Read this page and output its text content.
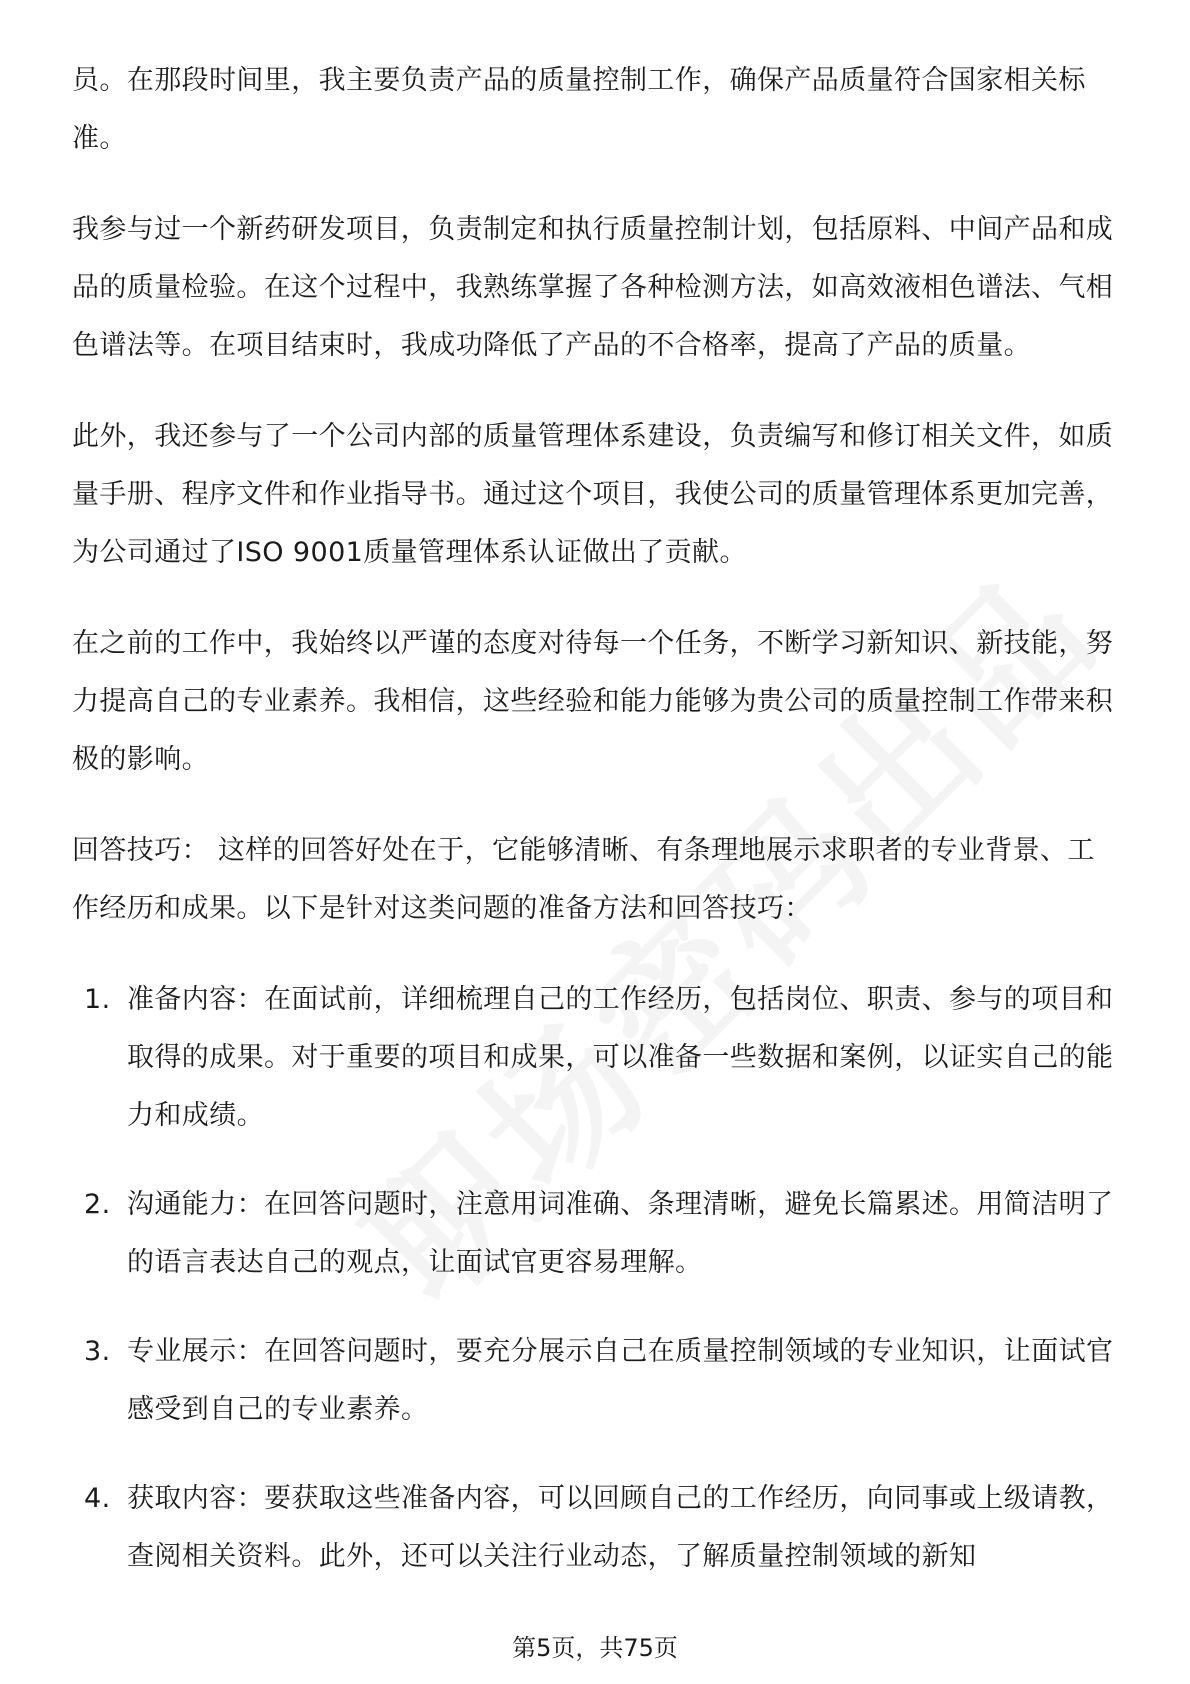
员。在那段时间里，我主要负责产品的质量控制工作，确保产品质量符合国家相关标准。

我参与过一个新药研发项目，负责制定和执行质量控制计划，包括原料、中间产品和成品的质量检验。在这个过程中，我熟练掌握了各种检测方法，如高效液相色谱法、气相色谱法等。在项目结束时，我成功降低了产品的不合格率，提高了产品的质量。

此外，我还参与了一个公司内部的质量管理体系建设，负责编写和修订相关文件，如质量手册、程序文件和作业指导书。通过这个项目，我使公司的质量管理体系更加完善，为公司通过了ISO 9001质量管理体系认证做出了贡献。

在之前的工作中，我始终以严谨的态度对待每一个任务，不断学习新知识、新技能，努力提高自己的专业素养。我相信，这些经验和能力能够为贵公司的质量控制工作带来积极的影响。

回答技巧： 这样的回答好处在于，它能够清晰、有条理地展示求职者的专业背景、工作经历和成果。以下是针对这类问题的准备方法和回答技巧：

1. 准备内容：在面试前，详细梳理自己的工作经历，包括岗位、职责、参与的项目和取得的成果。对于重要的项目和成果，可以准备一些数据和案例，以证实自己的能力和成绩。
2. 沟通能力：在回答问题时，注意用词准确、条理清晰，避免长篇累述。用简洁明了的语言表达自己的观点，让面试官更容易理解。
3. 专业展示：在回答问题时，要充分展示自己在质量控制领域的专业知识，让面试官感受到自己的专业素养。
4. 获取内容：要获取这些准备内容，可以回顾自己的工作经历，向同事或上级请教，查阅相关资料。此外，还可以关注行业动态，了解质量控制领域的新知
第5页，共75页
